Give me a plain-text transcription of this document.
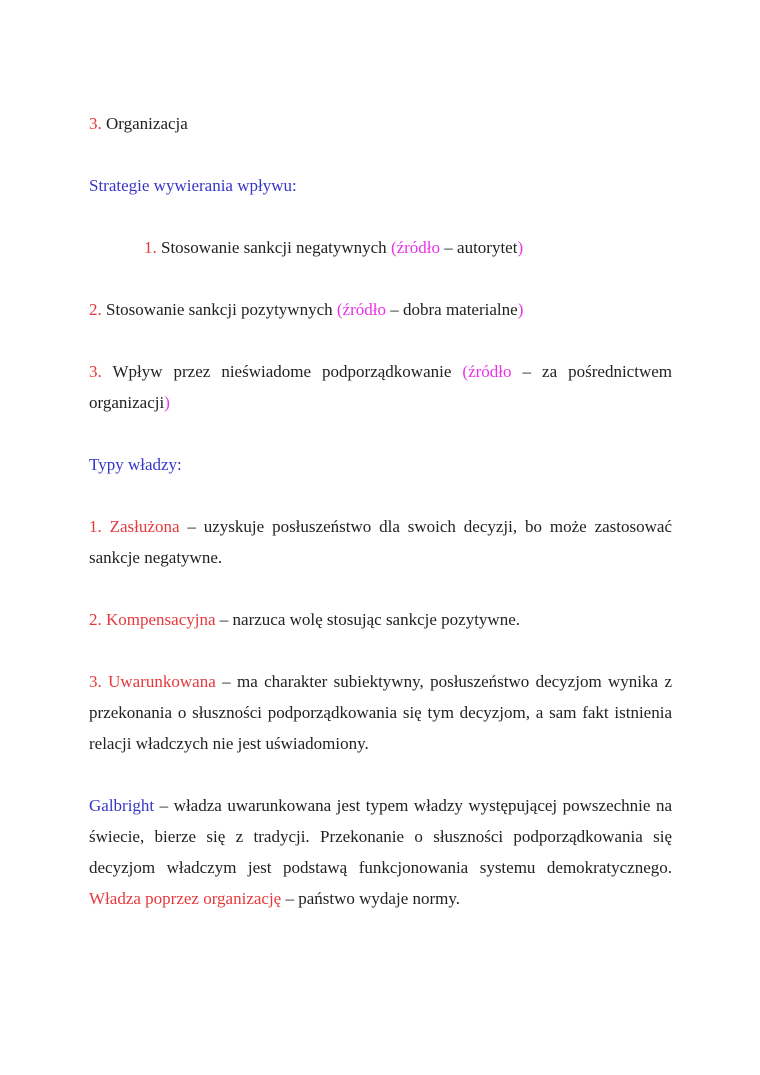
3. Organizacja

Strategie wywierania wpływu:

1. Stosowanie sankcji negatywnych (źródło – autorytet)

2. Stosowanie sankcji pozytywnych (źródło – dobra materialne)

3. Wpływ przez nieświadome podporządkowanie (źródło – za pośrednictwem organizacji)

Typy władzy:

1. Zasłużona – uzyskuje posłuszeństwo dla swoich decyzji, bo może zastosować sankcje negatywne.

2. Kompensacyjna – narzuca wolę stosując sankcje pozytywne.

3. Uwarunkowana – ma charakter subiektywny, posłuszeństwo decyzjom wynika z przekonania o słuszności podporządkowania się tym decyzjom, a sam fakt istnienia relacji władczych nie jest uświadomiony.

Galbright – władza uwarunkowana jest typem władzy występującej powszechnie na świecie, bierze się z tradycji. Przekonanie o słuszności podporządkowania się decyzjom władczym jest podstawą funkcjonowania systemu demokratycznego. Władza poprzez organizację – państwo wydaje normy.
